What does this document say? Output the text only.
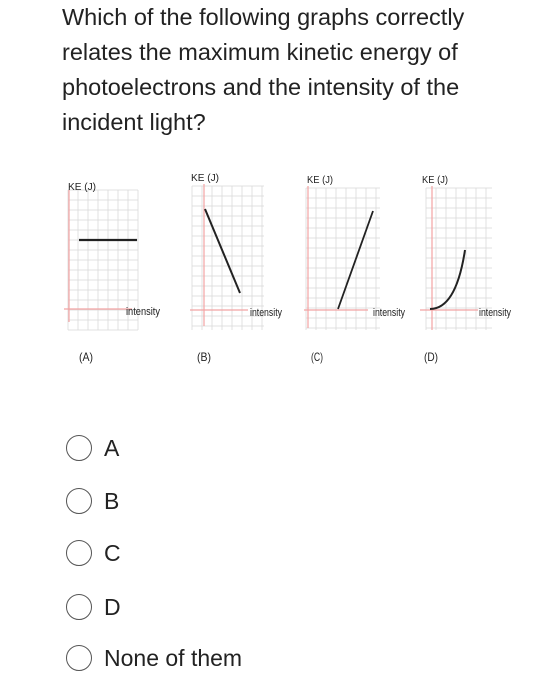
Which of the following graphs correctly
relates the maximum kinetic energy of
photoelectrons and the intensity of the
incident light?
KE (J)
intensity
(A)
KE (J)
intensity
(B)
KE (J)
intensity
(C)
KE (J)
intensity
(D)
A
B
C
D
None of them
